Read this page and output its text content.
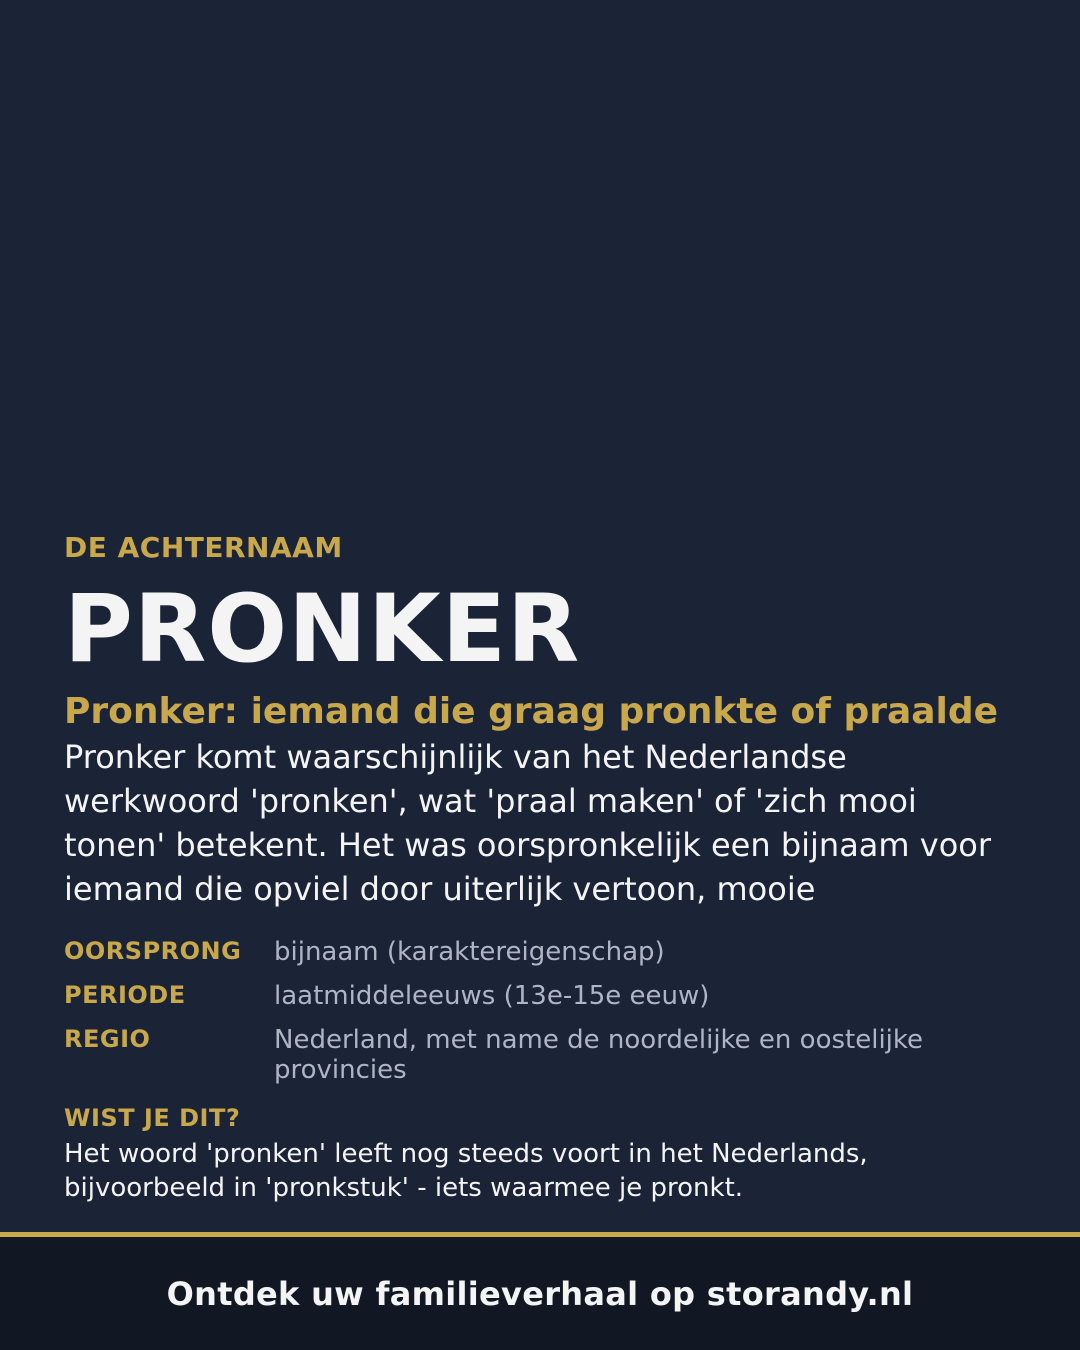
DE ACHTERNAAM

PRONKER
Pronker: iemand die graag pronkte of praalde

Pronker komt waarschijnlijk van het Nederlandse werkwoord 'pronken', wat 'praal maken' of 'zich mooi tonen' betekent. Het was oorspronkelijk een bijnaam voor iemand die opviel door uiterlijk vertoon, mooie

OORSPRONG	bijnaam (karaktereigenschap)
PERIODE	laatmiddeleeuws (13e-15e eeuw)
REGIO	Nederland, met name de noordelijke en oostelijke provincies

WIST JE DIT?

Het woord 'pronken' leeft nog steeds voort in het Nederlands, bijvoorbeeld in 'pronkstuk' - iets waarmee je pronkt.

Ontdek uw familieverhaal op storandy.nl
